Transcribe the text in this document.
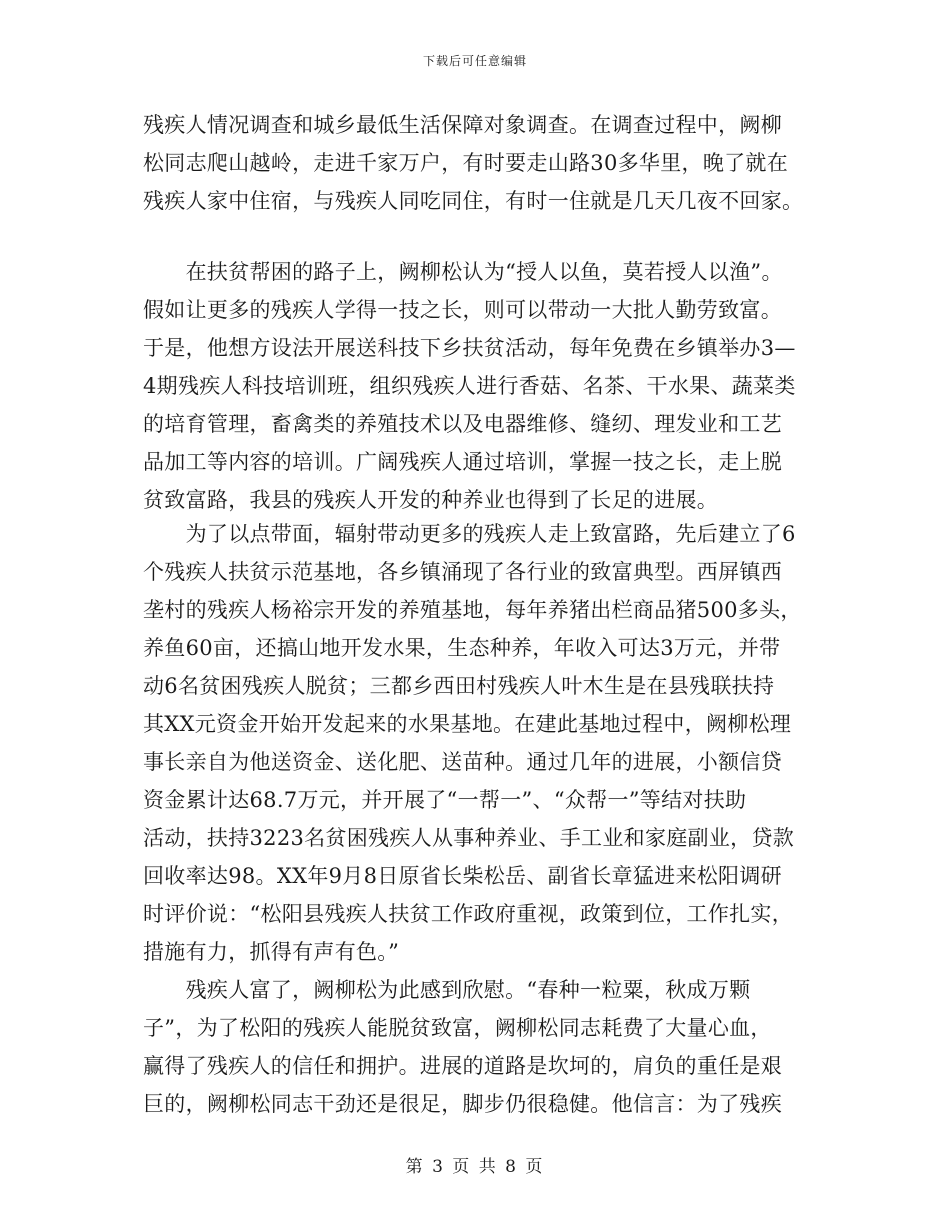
下载后可任意编辑
残疾人情况调查和城乡最低生活保障对象调查。在调查过程中，阙柳
松同志爬山越岭，走进千家万户，有时要走山路30多华里，晚了就在
残疾人家中住宿，与残疾人同吃同住，有时一住就是几天几夜不回家。
　　在扶贫帮困的路子上，阙柳松认为“授人以鱼，莫若授人以渔”。
假如让更多的残疾人学得一技之长，则可以带动一大批人勤劳致富。
于是，他想方设法开展送科技下乡扶贫活动，每年免费在乡镇举办3—
4期残疾人科技培训班，组织残疾人进行香菇、名茶、干水果、蔬菜类
的培育管理，畜禽类的养殖技术以及电器维修、缝纫、理发业和工艺
品加工等内容的培训。广阔残疾人通过培训，掌握一技之长，走上脱
贫致富路，我县的残疾人开发的种养业也得到了长足的进展。
　　为了以点带面，辐射带动更多的残疾人走上致富路，先后建立了6
个残疾人扶贫示范基地，各乡镇涌现了各行业的致富典型。西屏镇西
垄村的残疾人杨裕宗开发的养殖基地，每年养猪出栏商品猪500多头，
养鱼60亩，还搞山地开发水果，生态种养，年收入可达3万元，并带
动6名贫困残疾人脱贫；三都乡西田村残疾人叶木生是在县残联扶持
其XX元资金开始开发起来的水果基地。在建此基地过程中，阙柳松理
事长亲自为他送资金、送化肥、送苗种。通过几年的进展，小额信贷
资金累计达68.7万元，并开展了“一帮一”、“众帮一”等结对扶助
活动，扶持3223名贫困残疾人从事种养业、手工业和家庭副业，贷款
回收率达98。XX年9月8日原省长柴松岳、副省长章猛进来松阳调研
时评价说：“松阳县残疾人扶贫工作政府重视，政策到位，工作扎实，
措施有力，抓得有声有色。”
　　残疾人富了，阙柳松为此感到欣慰。“春种一粒粟，秋成万颗
子”，为了松阳的残疾人能脱贫致富，阙柳松同志耗费了大量心血，
赢得了残疾人的信任和拥护。进展的道路是坎坷的，肩负的重任是艰
巨的，阙柳松同志干劲还是很足，脚步仍很稳健。他信言：为了残疾
第 3 页 共 8 页
